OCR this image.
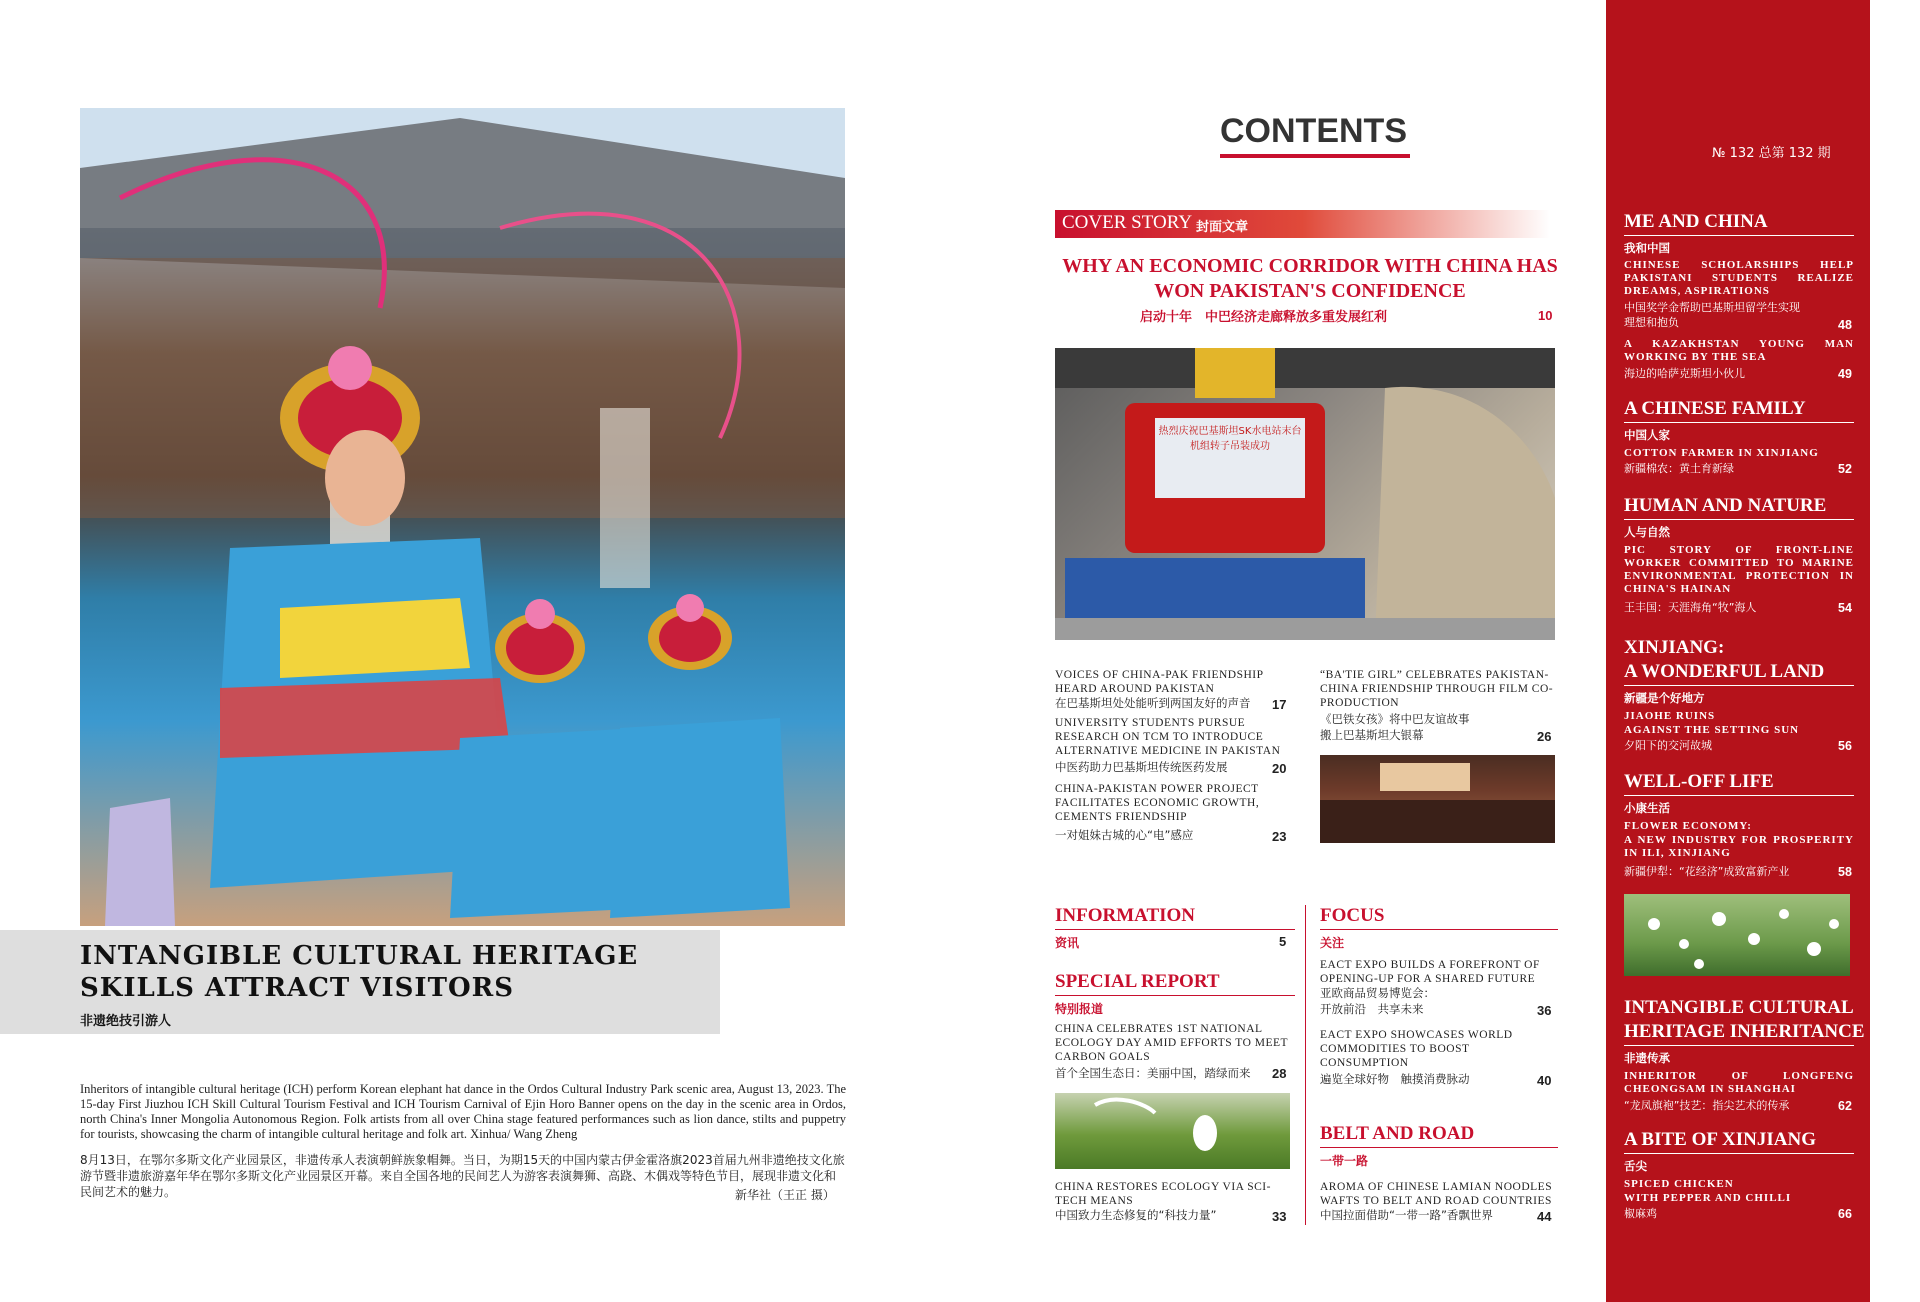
INTANGIBLE CULTURAL HERITAGE SKILLS ATTRACT VISITORS
非遗绝技引游人
Inheritors of intangible cultural heritage (ICH) perform Korean elephant hat dance in the Ordos Cultural Industry Park scenic area, August 13, 2023. The 15-day First Jiuzhou ICH Skill Cultural Tourism Festival and ICH Tourism Carnival of Ejin Horo Banner opens on the day in the scenic area in Ordos, north China's Inner Mongolia Autonomous Region. Folk artists from all over China stage featured performances such as lion dance, stilts and puppetry for tourists, showcasing the charm of intangible cultural heritage and folk art. Xinhua/ Wang Zheng
8月13日，在鄂尔多斯文化产业园景区，非遗传承人表演朝鲜族象帽舞。当日，为期15天的中国内蒙古伊金霍洛旗2023首届九州非遗绝技文化旅游节暨非遗旅游嘉年华在鄂尔多斯文化产业园景区开幕。来自全国各地的民间艺人为游客表演舞狮、高跷、木偶戏等特色节目，展现非遗文化和民间艺术的魅力。	新华社（王正 摄）
CONTENTS
COVER STORY 封面文章
WHY AN ECONOMIC CORRIDOR WITH CHINA HAS WON PAKISTAN'S CONFIDENCE
启动十年　中巴经济走廊释放多重发展红利	10
热烈庆祝巴基斯坦SK水电站末台机组转子吊装成功
VOICES OF CHINA-PAK FRIENDSHIP HEARD AROUND PAKISTAN
在巴基斯坦处处能听到两国友好的声音 17
UNIVERSITY STUDENTS PURSUE RESEARCH ON TCM TO INTRODUCE ALTERNATIVE MEDICINE IN PAKISTAN
中医药助力巴基斯坦传统医药发展	20
CHINA-PAKISTAN POWER PROJECT FACILITATES ECONOMIC GROWTH, CEMENTS FRIENDSHIP
一对姐妹古城的心“电”感应	23
“BA'TIE GIRL” CELEBRATES PAKISTAN-CHINA FRIENDSHIP THROUGH FILM CO-PRODUCTION
《巴铁女孩》将中巴友谊故事
搬上巴基斯坦大银幕	26
INFORMATION
资讯	5
SPECIAL REPORT
特别报道
CHINA CELEBRATES 1ST NATIONAL ECOLOGY DAY AMID EFFORTS TO MEET CARBON GOALS
首个全国生态日：美丽中国，踏绿而来 28
CHINA RESTORES ECOLOGY VIA SCI-TECH MEANS
中国致力生态修复的“科技力量”	33
FOCUS
关注
EACT EXPO BUILDS A FOREFRONT OF OPENING-UP FOR A SHARED FUTURE
亚欧商品贸易博览会：
开放前沿　共享未来	36
EACT EXPO SHOWCASES WORLD COMMODITIES TO BOOST CONSUMPTION
遍览全球好物　触摸消费脉动	40
BELT AND ROAD
一带一路
AROMA OF CHINESE LAMIAN NOODLES WAFTS TO BELT AND ROAD COUNTRIES
中国拉面借助“一带一路”香飘世界	44
№ 132 总第 132 期
ME AND CHINA
我和中国
CHINESE SCHOLARSHIPS HELP PAKISTANI STUDENTS REALIZE DREAMS, ASPIRATIONS
中国奖学金帮助巴基斯坦留学生实现理想和抱负	48
A KAZAKHSTAN YOUNG MAN WORKING BY THE SEA
海边的哈萨克斯坦小伙儿	49
A CHINESE FAMILY
中国人家
COTTON FARMER IN XINJIANG
新疆棉农：黄土育新绿	52
HUMAN AND NATURE
人与自然
PIC STORY OF FRONT-LINE WORKER COMMITTED TO MARINE ENVIRONMENTAL PROTECTION IN CHINA'S HAINAN
王丰国：天涯海角“牧”海人	54
XINJIANG:
A WONDERFUL LAND
新疆是个好地方
JIAOHE RUINS
AGAINST THE SETTING SUN
夕阳下的交河故城	56
WELL-OFF LIFE
小康生活
FLOWER ECONOMY:
A NEW INDUSTRY FOR PROSPERITY IN ILI, XINJIANG
新疆伊犁：“花经济”成致富新产业	58
INTANGIBLE CULTURAL
HERITAGE INHERITANCE
非遗传承
INHERITOR OF LONGFENG CHEONGSAM IN SHANGHAI
“龙凤旗袍”技艺：指尖艺术的传承	62
A BITE OF XINJIANG
舌尖
SPICED CHICKEN
WITH PEPPER AND CHILLI
椒麻鸡	66
